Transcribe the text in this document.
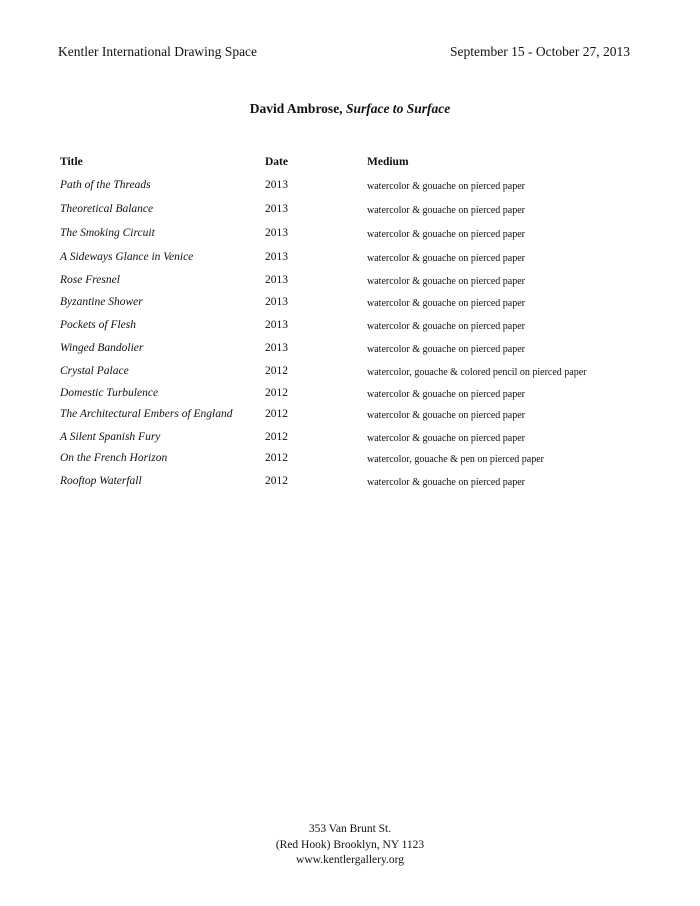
Kentler International Drawing Space	September 15 - October 27, 2013
David Ambrose, Surface to Surface
Title	Date	Medium
Path of the Threads	2013	watercolor & gouache on pierced paper
Theoretical Balance	2013	watercolor & gouache on pierced paper
The Smoking Circuit	2013	watercolor & gouache on pierced paper
A Sideways Glance in Venice	2013	watercolor & gouache on pierced paper
Rose Fresnel	2013	watercolor & gouache on pierced paper
Byzantine Shower	2013	watercolor & gouache on pierced paper
Pockets of Flesh	2013	watercolor & gouache on pierced paper
Winged Bandolier	2013	watercolor & gouache on pierced paper
Crystal Palace	2012	watercolor, gouache & colored pencil on pierced paper
Domestic Turbulence	2012	watercolor & gouache on pierced paper
The Architectural Embers of England	2012	watercolor & gouache on pierced paper
A Silent Spanish Fury	2012	watercolor & gouache on pierced paper
On the French Horizon	2012	watercolor, gouache & pen on pierced paper
Rooftop Waterfall	2012	watercolor & gouache on pierced paper
353 Van Brunt St.
(Red Hook) Brooklyn, NY 1123
www.kentlergallery.org
